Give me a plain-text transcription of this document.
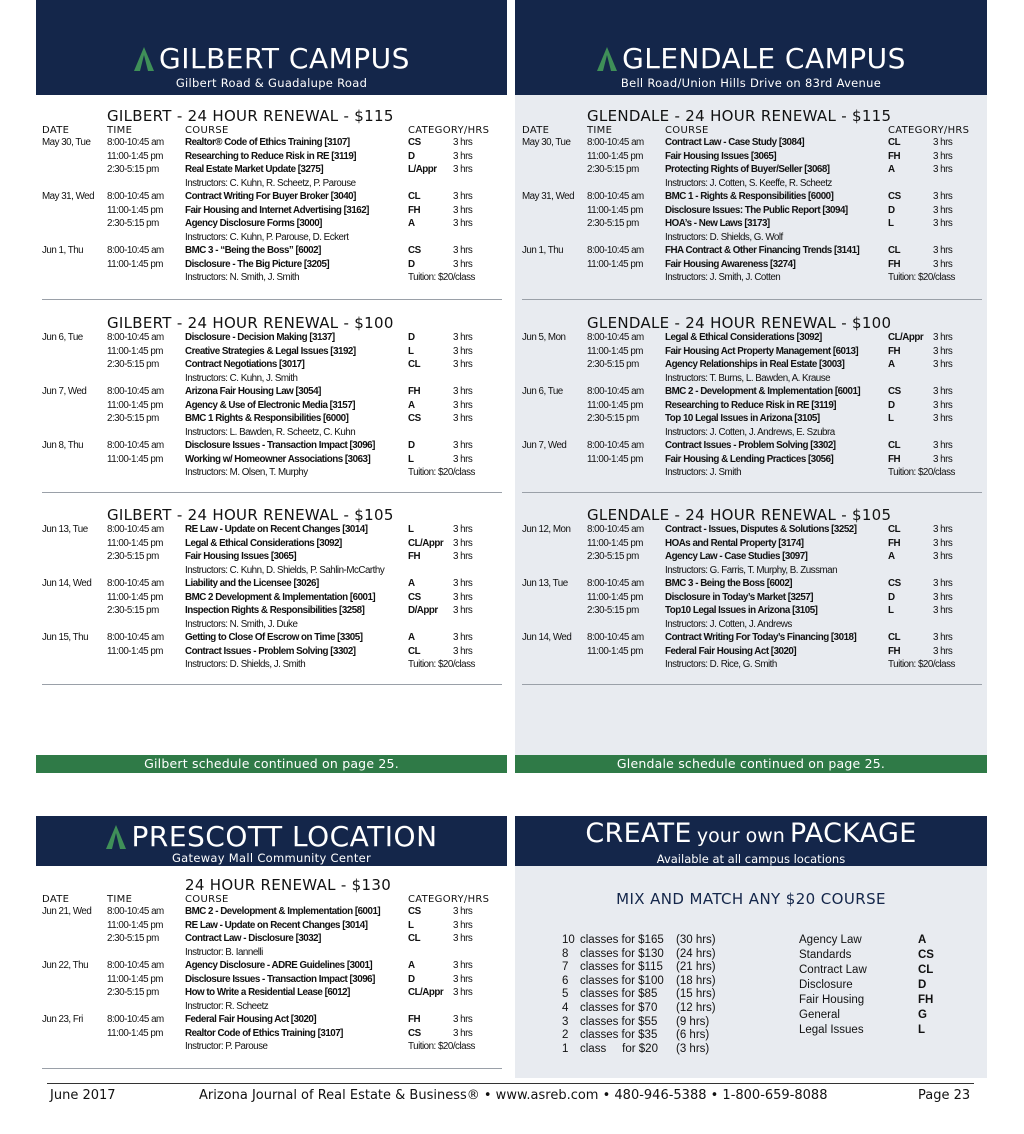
GILBERT CAMPUS
Gilbert Road & Guadalupe Road
GLENDALE CAMPUS
Bell Road/Union Hills Drive on 83rd Avenue
PRESCOTT LOCATION
Gateway Mall Community Center
CREATE your own PACKAGE
Available at all campus locations
GILBERT - 24 HOUR RENEWAL - $115
DATE	TIME	COURSE	CATEGORY/HRS
May 30, Tue 8:00-10:45 am Realtor® Code of Ethics Training [3107]	CS	3 hrs
11:00-1:45 pm Researching to Reduce Risk in RE [3119]	D	3 hrs
2:30-5:15 pm	Real Estate Market Update [3275]	L/Appr 3 hrs
Instructors: C. Kuhn, R. Scheetz, P. Parouse
May 31, Wed 8:00-10:45 am Contract Writing For Buyer Broker [3040]	CL	3 hrs
11:00-1:45 pm Fair Housing and Internet Advertising [3162]	FH	3 hrs
2:30-5:15 pm	Agency Disclosure Forms [3000]	A	3 hrs
Instructors: C. Kuhn, P. Parouse, D. Eckert
Jun 1, Thu 8:00-10:45 am BMC 3 - “Being the Boss” [6002]	CS	3 hrs
11:00-1:45 pm Disclosure - The Big Picture [3205]	D	3 hrs
Instructors: N. Smith, J. Smith	Tuition: $20/class
GILBERT - 24 HOUR RENEWAL - $100
Jun 6, Tue 8:00-10:45 am Disclosure - Decision Making [3137]	D	3 hrs
11:00-1:45 pm Creative Strategies & Legal Issues [3192]	L	3 hrs
2:30-5:15 pm	Contract Negotiations [3017]	CL	3 hrs
Instructors: C. Kuhn, J. Smith
Jun 7, Wed 8:00-10:45 am Arizona Fair Housing Law [3054]	FH	3 hrs
11:00-1:45 pm Agency & Use of Electronic Media [3157]	A	3 hrs
2:30-5:15 pm	BMC 1 Rights & Responsibilities [6000]	CS	3 hrs
Instructors: L. Bawden, R. Scheetz, C. Kuhn
Jun 8, Thu 8:00-10:45 am Disclosure Issues - Transaction Impact [3096]	D	3 hrs
11:00-1:45 pm Working w/ Homeowner Associations [3063]	L	3 hrs
Instructors: M. Olsen, T. Murphy	Tuition: $20/class
GILBERT - 24 HOUR RENEWAL - $105
Jun 13, Tue 8:00-10:45 am RE Law - Update on Recent Changes [3014]	L	3 hrs
11:00-1:45 pm Legal & Ethical Considerations [3092]	CL/Appr 3 hrs
2:30-5:15 pm	Fair Housing Issues [3065]	FH	3 hrs
Instructors: C. Kuhn, D. Shields, P. Sahlin-McCarthy
Jun 14, Wed 8:00-10:45 am Liability and the Licensee [3026]	A	3 hrs
11:00-1:45 pm BMC 2 Development & Implementation [6001]	CS	3 hrs
2:30-5:15 pm	Inspection Rights & Responsibilities [3258]	D/Appr 3 hrs
Instructors: N. Smith, J. Duke
Jun 15, Thu 8:00-10:45 am Getting to Close Of Escrow on Time [3305]	A	3 hrs
11:00-1:45 pm Contract Issues - Problem Solving [3302]	CL	3 hrs
Instructors: D. Shields, J. Smith	Tuition: $20/class
GLENDALE - 24 HOUR RENEWAL - $115
DATE	TIME	COURSE	CATEGORY/HRS
May 30, Tue 8:00-10:45 am Contract Law - Case Study [3084]	CL	3 hrs
11:00-1:45 pm Fair Housing Issues [3065]	FH	3 hrs
2:30-5:15 pm	Protecting Rights of Buyer/Seller [3068]	A	3 hrs
Instructors: J. Cotten, S. Keeffe, R. Scheetz
May 31, Wed 8:00-10:45 am BMC 1 - Rights & Responsibilities [6000]	CS	3 hrs
11:00-1:45 pm Disclosure Issues: The Public Report [3094]	D	3 hrs
2:30-5:15 pm	HOA’s - New Laws [3173]	L	3 hrs
Instructors: D. Shields, G. Wolf
Jun 1, Thu 8:00-10:45 am FHA Contract & Other Financing Trends [3141]	CL	3 hrs
11:00-1:45 pm Fair Housing Awareness [3274]	FH	3 hrs
Instructors: J. Smith, J. Cotten	Tuition: $20/class
GLENDALE - 24 HOUR RENEWAL - $100
Jun 5, Mon 8:00-10:45 am Legal & Ethical Considerations [3092]	CL/Appr 3 hrs
11:00-1:45 pm Fair Housing Act Property Management [6013]	FH	3 hrs
2:30-5:15 pm	Agency Relationships in Real Estate [3003]	A	3 hrs
Instructors: T. Burns, L. Bawden, A. Krause
Jun 6, Tue 8:00-10:45 am BMC 2 - Development & Implementation [6001]	CS	3 hrs
11:00-1:45 pm Researching to Reduce Risk in RE [3119]	D	3 hrs
2:30-5:15 pm	Top 10 Legal Issues in Arizona [3105]	L	3 hrs
Instructors: J. Cotten, J. Andrews, E. Szubra
Jun 7, Wed 8:00-10:45 am Contract Issues - Problem Solving [3302]	CL	3 hrs
11:00-1:45 pm Fair Housing & Lending Practices [3056]	FH	3 hrs
Instructors: J. Smith	Tuition: $20/class
GLENDALE - 24 HOUR RENEWAL - $105
Jun 12, Mon 8:00-10:45 am Contract - Issues, Disputes & Solutions [3252]	CL	3 hrs
11:00-1:45 pm HOAs and Rental Property [3174]	FH	3 hrs
2:30-5:15 pm	Agency Law - Case Studies [3097]	A	3 hrs
Instructors: G. Farris, T. Murphy, B. Zussman
Jun 13, Tue 8:00-10:45 am BMC 3 - Being the Boss [6002]	CS	3 hrs
11:00-1:45 pm Disclosure in Today’s Market [3257]	D	3 hrs
2:30-5:15 pm	Top10 Legal Issues in Arizona [3105]	L	3 hrs
Instructors: J. Cotten, J. Andrews
Jun 14, Wed 8:00-10:45 am Contract Writing For Today’s Financing [3018]	CL	3 hrs
11:00-1:45 pm Federal Fair Housing Act [3020]	FH	3 hrs
Instructors: D. Rice, G. Smith	Tuition: $20/class
24 HOUR RENEWAL - $130
DATE	TIME	COURSE	CATEGORY/HRS
Jun 21, Wed 8:00-10:45 am BMC 2 - Development & Implementation [6001]	CS	3 hrs
11:00-1:45 pm RE Law - Update on Recent Changes [3014]	L	3 hrs
2:30-5:15 pm	Contract Law - Disclosure [3032]	CL	3 hrs
Instructor: B. Iannelli
Jun 22, Thu 8:00-10:45 am Agency Disclosure - ADRE Guidelines [3001]	A	3 hrs
11:00-1:45 pm Disclosure Issues - Transaction Impact [3096]	D	3 hrs
2:30-5:15 pm	How to Write a Residential Lease [6012]	CL/Appr 3 hrs
Instructor: R. Scheetz
Jun 23, Fri 8:00-10:45 am Federal Fair Housing Act [3020]	FH	3 hrs
11:00-1:45 pm Realtor Code of Ethics Training [3107]	CS	3 hrs
Instructor: P. Parouse	Tuition: $20/class
Gilbert schedule continued on page 25.	Glendale schedule continued on page 25.
MIX AND MATCH ANY $20 COURSE
10 classes for $165 (30 hrs)
8 classes for $130 (24 hrs)
7 classes for $115 (21 hrs)
6 classes for $100 (18 hrs)
5 classes for $85 (15 hrs)
4 classes for $70 (12 hrs)
3 classes for $55 (9 hrs)
2 classes for $35 (6 hrs)
1 class     for $20 (3 hrs)
Agency Law	A
Standards	CS
Contract Law	CL
Disclosure	D
Fair Housing	FH
General	G
Legal Issues	L
June 2017	Arizona Journal of Real Estate & Business® • www.asreb.com • 480-946-5388 • 1-800-659-8088	Page 23
